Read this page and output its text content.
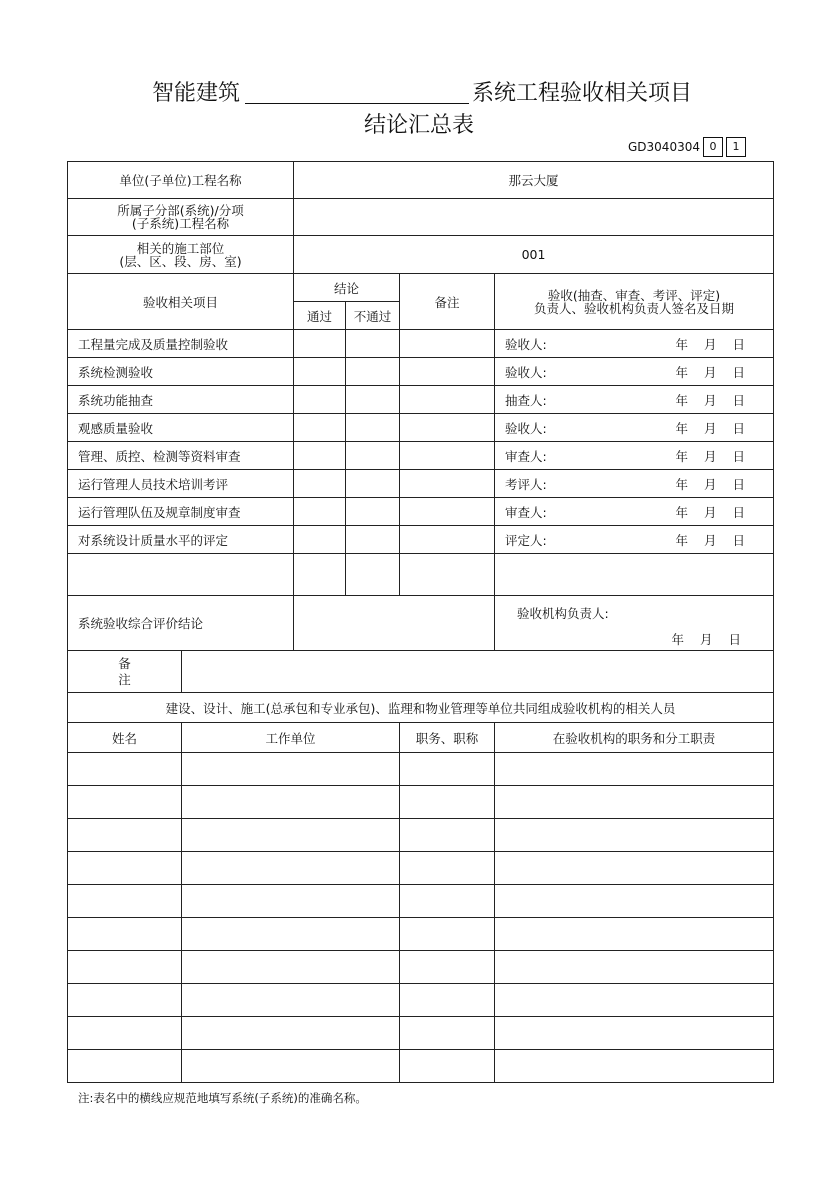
智能建筑	系统工程验收相关项目
结论汇总表
GD3040304 0	1
单位(子单位)工程名称		那云大厦			

所属子分部(系统)/分项
(子系统)工程名称					

相关的施工部位
(层、区、段、房、室)		001			
验收相关项目		结论		备注	验收(抽查、审查、考评、评定)
负责人、验收机构负责人签名及日期

		通过	不通过		
工程量完成及质量控制验收					验收人: 年 月 日

系统检测验收					验收人: 年 月 日

系统功能抽查					抽查人: 年 月 日

观感质量验收					验收人: 年 月 日

管理、质控、检测等资料审查					审查人: 年 月 日

运行管理人员技术培训考评					考评人: 年 月 日

运行管理队伍及规章制度审查					审查人: 年 月 日

对系统设计质量水平的评定					评定人: 年 月 日

系统验收综合评价结论					验收机构负责人:
年 月 日

备
注					

建设、设计、施工(总承包和专业承包)、监理和物业管理等单位共同组成验收机构的相关人员					
姓名	工作单位			职务、职称	在验收机构的职务和分工职责

注:表名中的横线应规范地填写系统(子系统)的准确名称。
